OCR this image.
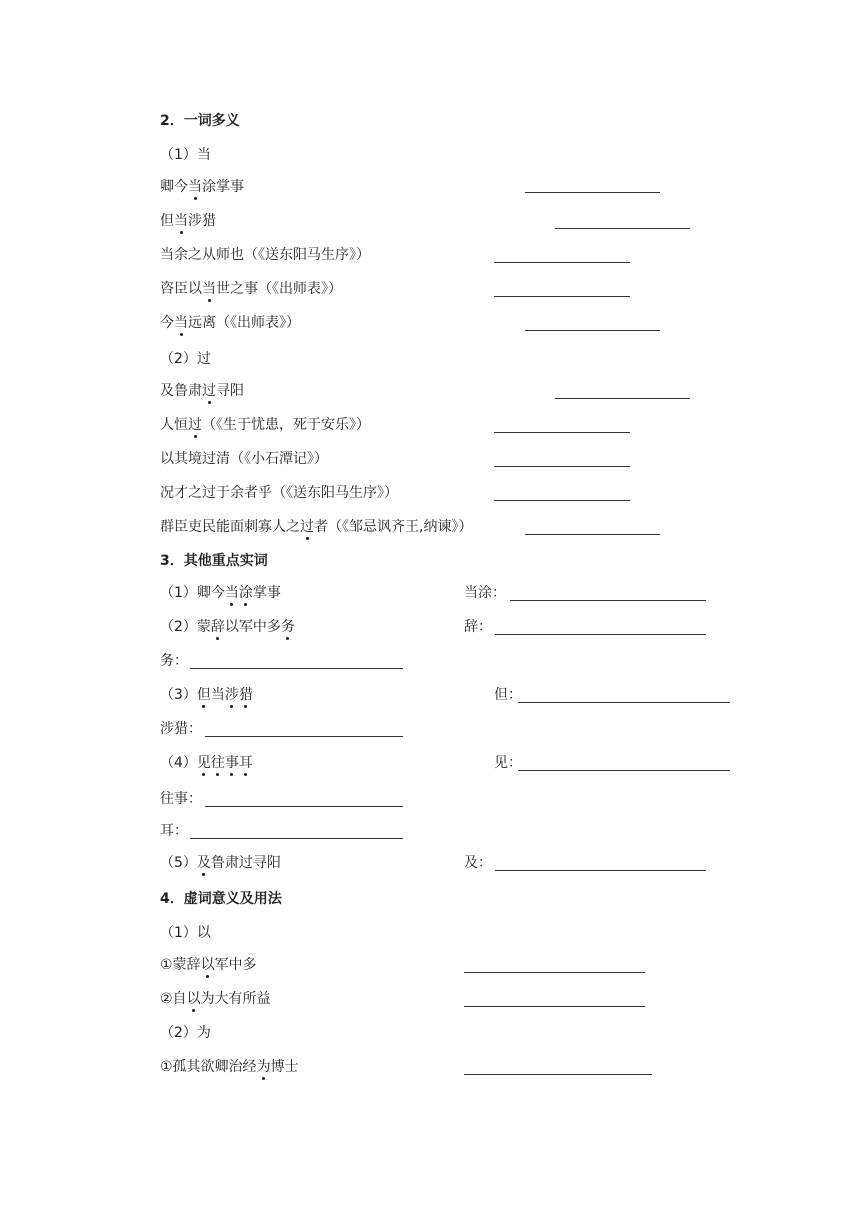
2．一词多义
（1）当
卿今当涂掌事
但当涉猎
当余之从师也（《送东阳马生序》）
咨臣以当世之事（《出师表》）
今当远离（《出师表》）
（2）过
及鲁肃过寻阳
人恒过（《生于忧患，死于安乐》）
以其境过清（《小石潭记》）
况才之过于余者乎（《送东阳马生序》）
群臣吏民能面刺寡人之过者（《邹忌讽齐王,纳谏》）
3．其他重点实词
（1）卿今当涂掌事	当涂：
（2）蒙辞以军中多务	辞：
务：
（3）但当涉猎	但：
涉猎：
（4）见往事耳	见：
往事：
耳：
（5）及鲁肃过寻阳	及：
4．虚词意义及用法
（1）以
①蒙辞以军中多
②自以为大有所益
（2）为
①孤其欲卿治经为博士
